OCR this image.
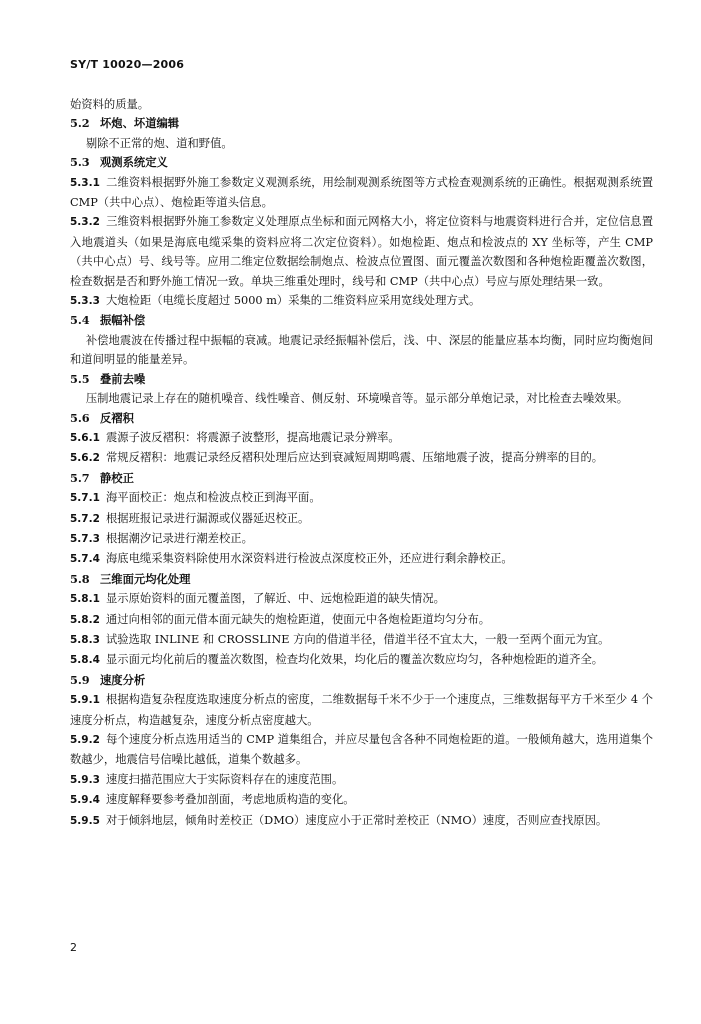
SY/T 10020—2006
始资料的质量。
5.2 坏炮、坏道编辑
剔除不正常的炮、道和野值。
5.3 观测系统定义
5.3.1 二维资料根据野外施工参数定义观测系统，用绘制观测系统图等方式检查观测系统的正确性。根据观测系统置 CMP（共中心点）、炮检距等道头信息。
5.3.2 三维资料根据野外施工参数定义处理原点坐标和面元网格大小，将定位资料与地震资料进行合并，定位信息置入地震道头（如果是海底电缆采集的资料应将二次定位资料）。如炮检距、炮点和检波点的 XY 坐标等，产生 CMP（共中心点）号、线号等。应用二维定位数据绘制炮点、检波点位置图、面元覆盖次数图和各种炮检距覆盖次数图，检查数据是否和野外施工情况一致。单块三维重处理时，线号和 CMP（共中心点）号应与原处理结果一致。
5.3.3 大炮检距（电缆长度超过 5000 m）采集的二维资料应采用宽线处理方式。
5.4 振幅补偿
补偿地震波在传播过程中振幅的衰减。地震记录经振幅补偿后，浅、中、深层的能量应基本均衡，同时应均衡炮间和道间明显的能量差异。
5.5 叠前去噪
压制地震记录上存在的随机噪音、线性噪音、侧反射、环境噪音等。显示部分单炮记录，对比检查去噪效果。
5.6 反褶积
5.6.1 震源子波反褶积：将震源子波整形，提高地震记录分辨率。
5.6.2 常规反褶积：地震记录经反褶积处理后应达到衰减短周期鸣震、压缩地震子波，提高分辨率的目的。
5.7 静校正
5.7.1 海平面校正：炮点和检波点校正到海平面。
5.7.2 根据班报记录进行漏源或仪器延迟校正。
5.7.3 根据潮汐记录进行潮差校正。
5.7.4 海底电缆采集资料除使用水深资料进行检波点深度校正外，还应进行剩余静校正。
5.8 三维面元均化处理
5.8.1 显示原始资料的面元覆盖图，了解近、中、远炮检距道的缺失情况。
5.8.2 通过向相邻的面元借本面元缺失的炮检距道，使面元中各炮检距道均匀分布。
5.8.3 试验选取 INLINE 和 CROSSLINE 方向的借道半径，借道半径不宜太大，一般一至两个面元为宜。
5.8.4 显示面元均化前后的覆盖次数图，检查均化效果，均化后的覆盖次数应均匀，各种炮检距的道齐全。
5.9 速度分析
5.9.1 根据构造复杂程度选取速度分析点的密度，二维数据每千米不少于一个速度点，三维数据每平方千米至少 4 个速度分析点，构造越复杂，速度分析点密度越大。
5.9.2 每个速度分析点选用适当的 CMP 道集组合，并应尽量包含各种不同炮检距的道。一般倾角越大，选用道集个数越少，地震信号信噪比越低，道集个数越多。
5.9.3 速度扫描范围应大于实际资料存在的速度范围。
5.9.4 速度解释要参考叠加剖面，考虑地质构造的变化。
5.9.5 对于倾斜地层，倾角时差校正（DMO）速度应小于正常时差校正（NMO）速度，否则应查找原因。
2
